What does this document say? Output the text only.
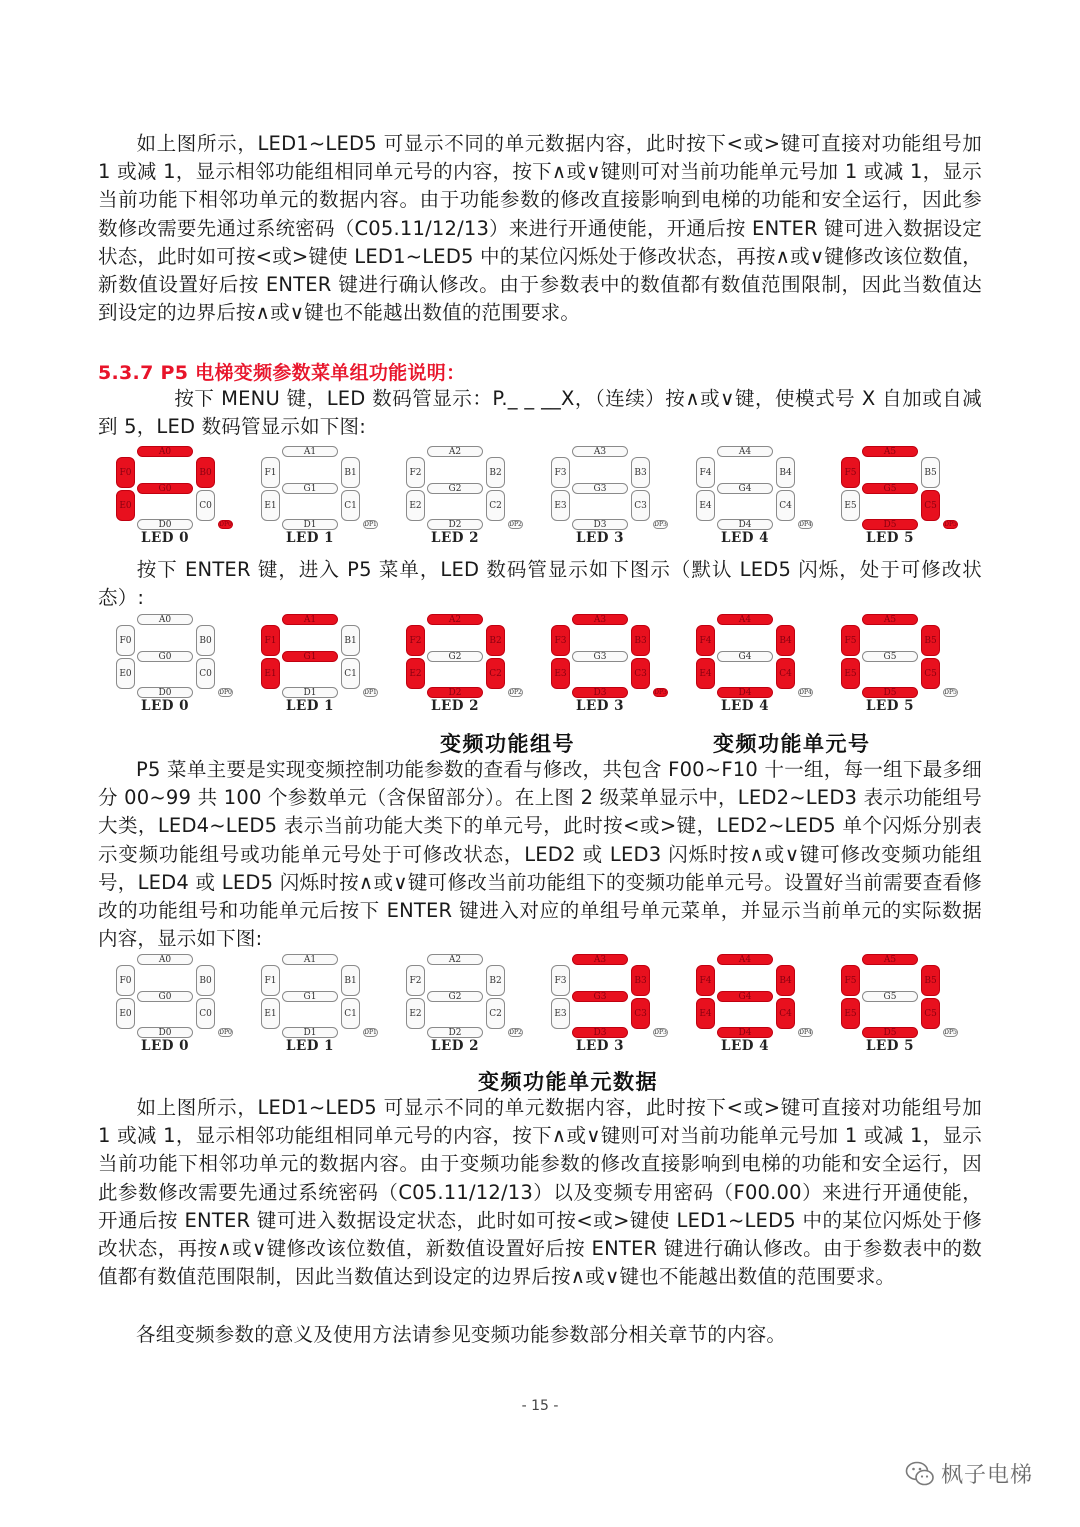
如上图所示，LED1~LED5 可显示不同的单元数据内容，此时按下<或>键可直接对功能组号加 1 或减 1，显示相邻功能组相同单元号的内容，按下∧或∨键则可对当前功能单元号加 1 或减 1，显示当前功能下相邻功单元的数据内容。由于功能参数的修改直接影响到电梯的功能和安全运行，因此参数修改需要先通过系统密码（C05.11/12/13）来进行开通使能，开通后按 ENTER 键可进入数据设定状态，此时如可按<或>键使 LED1~LED5 中的某位闪烁处于修改状态，再按∧或∨键修改该位数值，新数值设置好后按 ENTER 键进行确认修改。由于参数表中的数值都有数值范围限制，因此当数值达到设定的边界后按∧或∨键也不能越出数值的范围要求。

5.3.7 P5 电梯变频参数菜单组功能说明：

按下 MENU 键，LED 数码管显示：P._ _ __X，（连续）按∧或∨键，使模式号 X 自加或自减到 5，LED 数码管显示如下图:

A0
F0	B0
G0
E0	C0
D0	DP0
LED 0
A1
F1	B1
G1
E1	C1
D1	DP1
LED 1
A2
F2	B2
G2
E2	C2
D2	DP2
LED 2
A3
F3	B3
G3
E3	C3
D3	DP3
LED 3
A4
F4	B4
G4
E4	C4
D4	DP4
LED 4
A5
F5	B5
G5
E5	C5
D5	DP5
LED 5

按下 ENTER 键，进入 P5 菜单，LED 数码管显示如下图示（默认 LED5 闪烁，处于可修改状态）:

A0
F0	B0
G0
E0	C0
D0	DP0
LED 0
A1
F1	B1
G1
E1	C1
D1	DP1
LED 1
A2
F2	B2
G2
E2	C2
D2	DP2
LED 2
A3
F3	B3
G3
E3	C3
D3	DP3
LED 3
A4
F4	B4
G4
E4	C4
D4	DP4
LED 4
A5
F5	B5
G5
E5	C5
D5	DP5
LED 5
变频功能组号	变频功能单元号

P5 菜单主要是实现变频控制功能参数的查看与修改，共包含 F00~F10 十一组，每一组下最多细分 00~99 共 100 个参数单元（含保留部分）。在上图 2 级菜单显示中，LED2~LED3 表示功能组号大类，LED4~LED5 表示当前功能大类下的单元号，此时按<或>键，LED2~LED5 单个闪烁分别表示变频功能组号或功能单元号处于可修改状态，LED2 或 LED3 闪烁时按∧或∨键可修改变频功能组号，LED4 或 LED5 闪烁时按∧或∨键可修改当前功能组下的变频功能单元号。设置好当前需要查看修改的功能组号和功能单元后按下 ENTER 键进入对应的单组号单元菜单，并显示当前单元的实际数据内容，显示如下图:

A0
F0	B0
G0
E0	C0
D0	DP0
LED 0
A1
F1	B1
G1
E1	C1
D1	DP1
LED 1
A2
F2	B2
G2
E2	C2
D2	DP2
LED 2
A3
F3	B3
G3
E3	C3
D3	DP3
LED 3
A4
F4	B4
G4
E4	C4
D4	DP4
LED 4
A5
F5	B5
G5
E5	C5
D5	DP5
LED 5
变频功能单元数据

如上图所示，LED1~LED5 可显示不同的单元数据内容，此时按下<或>键可直接对功能组号加 1 或减 1，显示相邻功能组相同单元号的内容，按下∧或∨键则可对当前功能单元号加 1 或减 1，显示当前功能下相邻功单元的数据内容。由于变频功能参数的修改直接影响到电梯的功能和安全运行，因此参数修改需要先通过系统密码（C05.11/12/13）以及变频专用密码（F00.00）来进行开通使能，开通后按 ENTER 键可进入数据设定状态，此时如可按<或>键使 LED1~LED5 中的某位闪烁处于修改状态，再按∧或∨键修改该位数值，新数值设置好后按 ENTER 键进行确认修改。由于参数表中的数值都有数值范围限制，因此当数值达到设定的边界后按∧或∨键也不能越出数值的范围要求。

各组变频参数的意义及使用方法请参见变频功能参数部分相关章节的内容。

- 15 -
枫子电梯
